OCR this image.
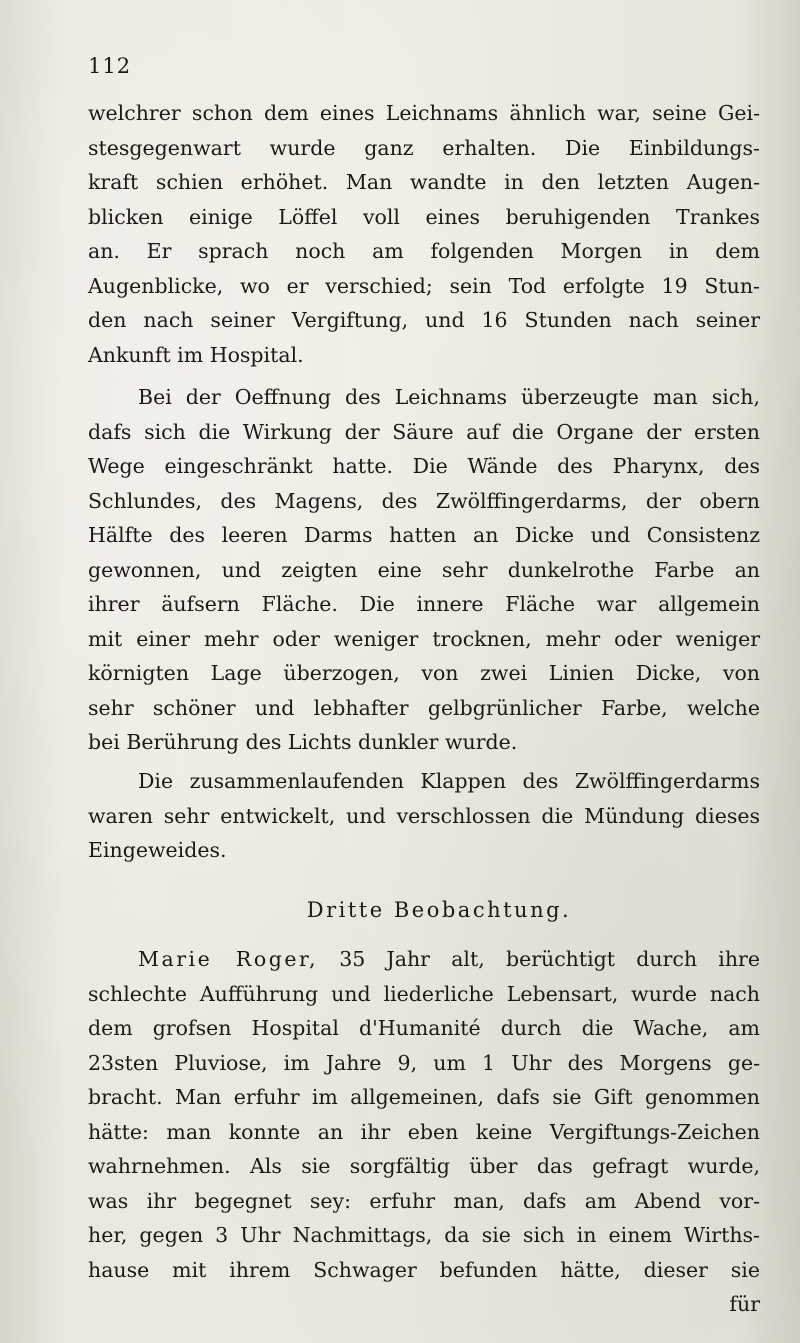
112
welchrer schon dem eines Leichnams ähnlich war, seine Gei-
stesgegenwart wurde ganz erhalten. Die Einbildungs-
kraft schien erhöhet. Man wandte in den letzten Augen-
blicken einige Löffel voll eines beruhigenden Trankes
an. Er sprach noch am folgenden Morgen in dem
Augenblicke, wo er verschied; sein Tod erfolgte 19 Stun-
den nach seiner Vergiftung, und 16 Stunden nach seiner
Ankunft im Hospital.
Bei der Oeffnung des Leichnams überzeugte man sich,
dafs sich die Wirkung der Säure auf die Organe der ersten
Wege eingeschränkt hatte. Die Wände des Pharynx, des
Schlundes, des Magens, des Zwölffingerdarms, der obern
Hälfte des leeren Darms hatten an Dicke und Consistenz
gewonnen, und zeigten eine sehr dunkelrothe Farbe an
ihrer äufsern Fläche. Die innere Fläche war allgemein
mit einer mehr oder weniger trocknen, mehr oder weniger
körnigten Lage überzogen, von zwei Linien Dicke, von
sehr schöner und lebhafter gelbgrünlicher Farbe, welche
bei Berührung des Lichts dunkler wurde.
Die zusammenlaufenden Klappen des Zwölffingerdarms
waren sehr entwickelt, und verschlossen die Mündung dieses
Eingeweides.
Dritte Beobachtung.
Marie Roger, 35 Jahr alt, berüchtigt durch ihre
schlechte Aufführung und liederliche Lebensart, wurde nach
dem grofsen Hospital d'Humanité durch die Wache, am
23sten Pluviose, im Jahre 9, um 1 Uhr des Morgens ge-
bracht. Man erfuhr im allgemeinen, dafs sie Gift genommen
hätte: man konnte an ihr eben keine Vergiftungs-Zeichen
wahrnehmen. Als sie sorgfältig über das gefragt wurde,
was ihr begegnet sey: erfuhr man, dafs am Abend vor-
her, gegen 3 Uhr Nachmittags, da sie sich in einem Wirths-
hause mit ihrem Schwager befunden hätte, dieser sie
für
